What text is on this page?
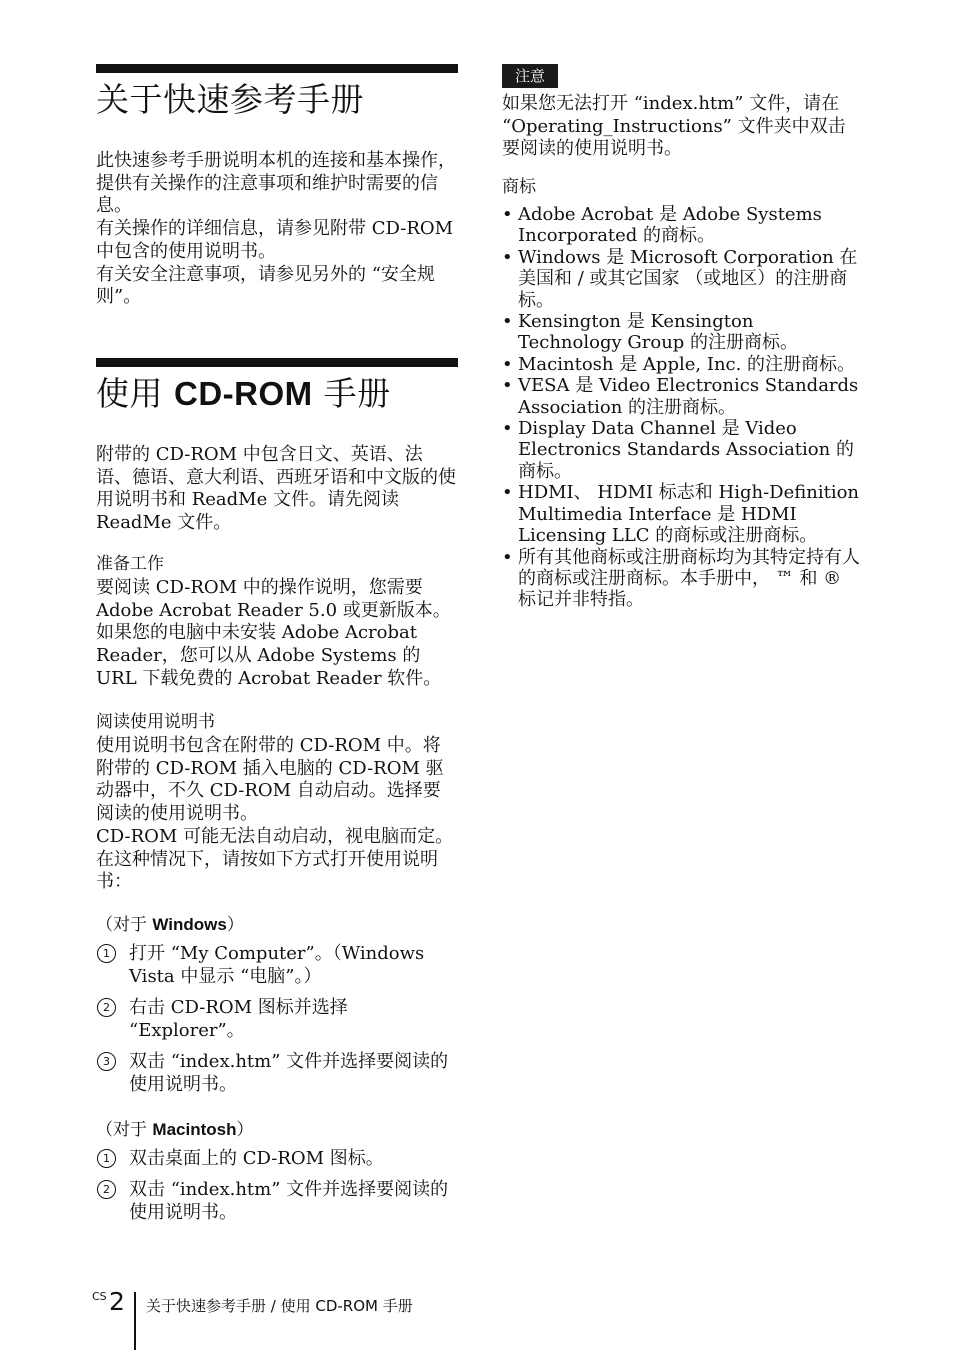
关于快速参考手册

此快速参考手册说明本机的连接和基本操作，提供有关操作的注意事项和维护时需要的信息。

有关操作的详细信息，请参见附带 CD-ROM 中包含的使用说明书。

有关安全注意事项，请参见另外的 “安全规则”。

使用 CD-ROM 手册

附带的 CD-ROM 中包含日文、英语、法语、德语、意大利语、西班牙语和中文版的使用说明书和 ReadMe 文件。请先阅读 ReadMe 文件。

准备工作

要阅读 CD-ROM 中的操作说明，您需要 Adobe Acrobat Reader 5.0 或更新版本。如果您的电脑中未安装 Adobe Acrobat Reader，您可以从 Adobe Systems 的 URL 下载免费的 Acrobat Reader 软件。

阅读使用说明书

使用说明书包含在附带的 CD-ROM 中。将附带的 CD-ROM 插入电脑的 CD-ROM 驱动器中，不久 CD-ROM 自动启动。选择要阅读的使用说明书。

CD-ROM 可能无法自动启动，视电脑而定。在这种情况下，请按如下方式打开使用说明书：

（对于 Windows）
1	打开 “My Computer”。（Windows Vista 中显示 “电脑”。）
2	右击 CD-ROM 图标并选择 “Explorer”。
3	双击 “index.htm” 文件并选择要阅读的使用说明书。
（对于 Macintosh）
1	双击桌面上的 CD-ROM 图标。
2	双击 “index.htm” 文件并选择要阅读的使用说明书。
注意

如果您无法打开 “index.htm” 文件，请在 “Operating_Instructions” 文件夹中双击要阅读的使用说明书。

商标
• Adobe Acrobat 是 Adobe Systems Incorporated 的商标。
• Windows 是 Microsoft Corporation 在美国和 / 或其它国家 （或地区）的注册商标。
• Kensington 是 Kensington Technology Group 的注册商标。
• Macintosh 是 Apple, Inc. 的注册商标。
• VESA 是 Video Electronics Standards Association 的注册商标。
• Display Data Channel 是 Video Electronics Standards Association 的商标。
• HDMI、 HDMI 标志和 High-Definition Multimedia Interface 是 HDMI Licensing LLC 的商标或注册商标。
• 所有其他商标或注册商标均为其特定持有人的商标或注册商标。本手册中， ™ 和 ® 标记并非特指。
CS 2 关于快速参考手册 / 使用 CD-ROM 手册
